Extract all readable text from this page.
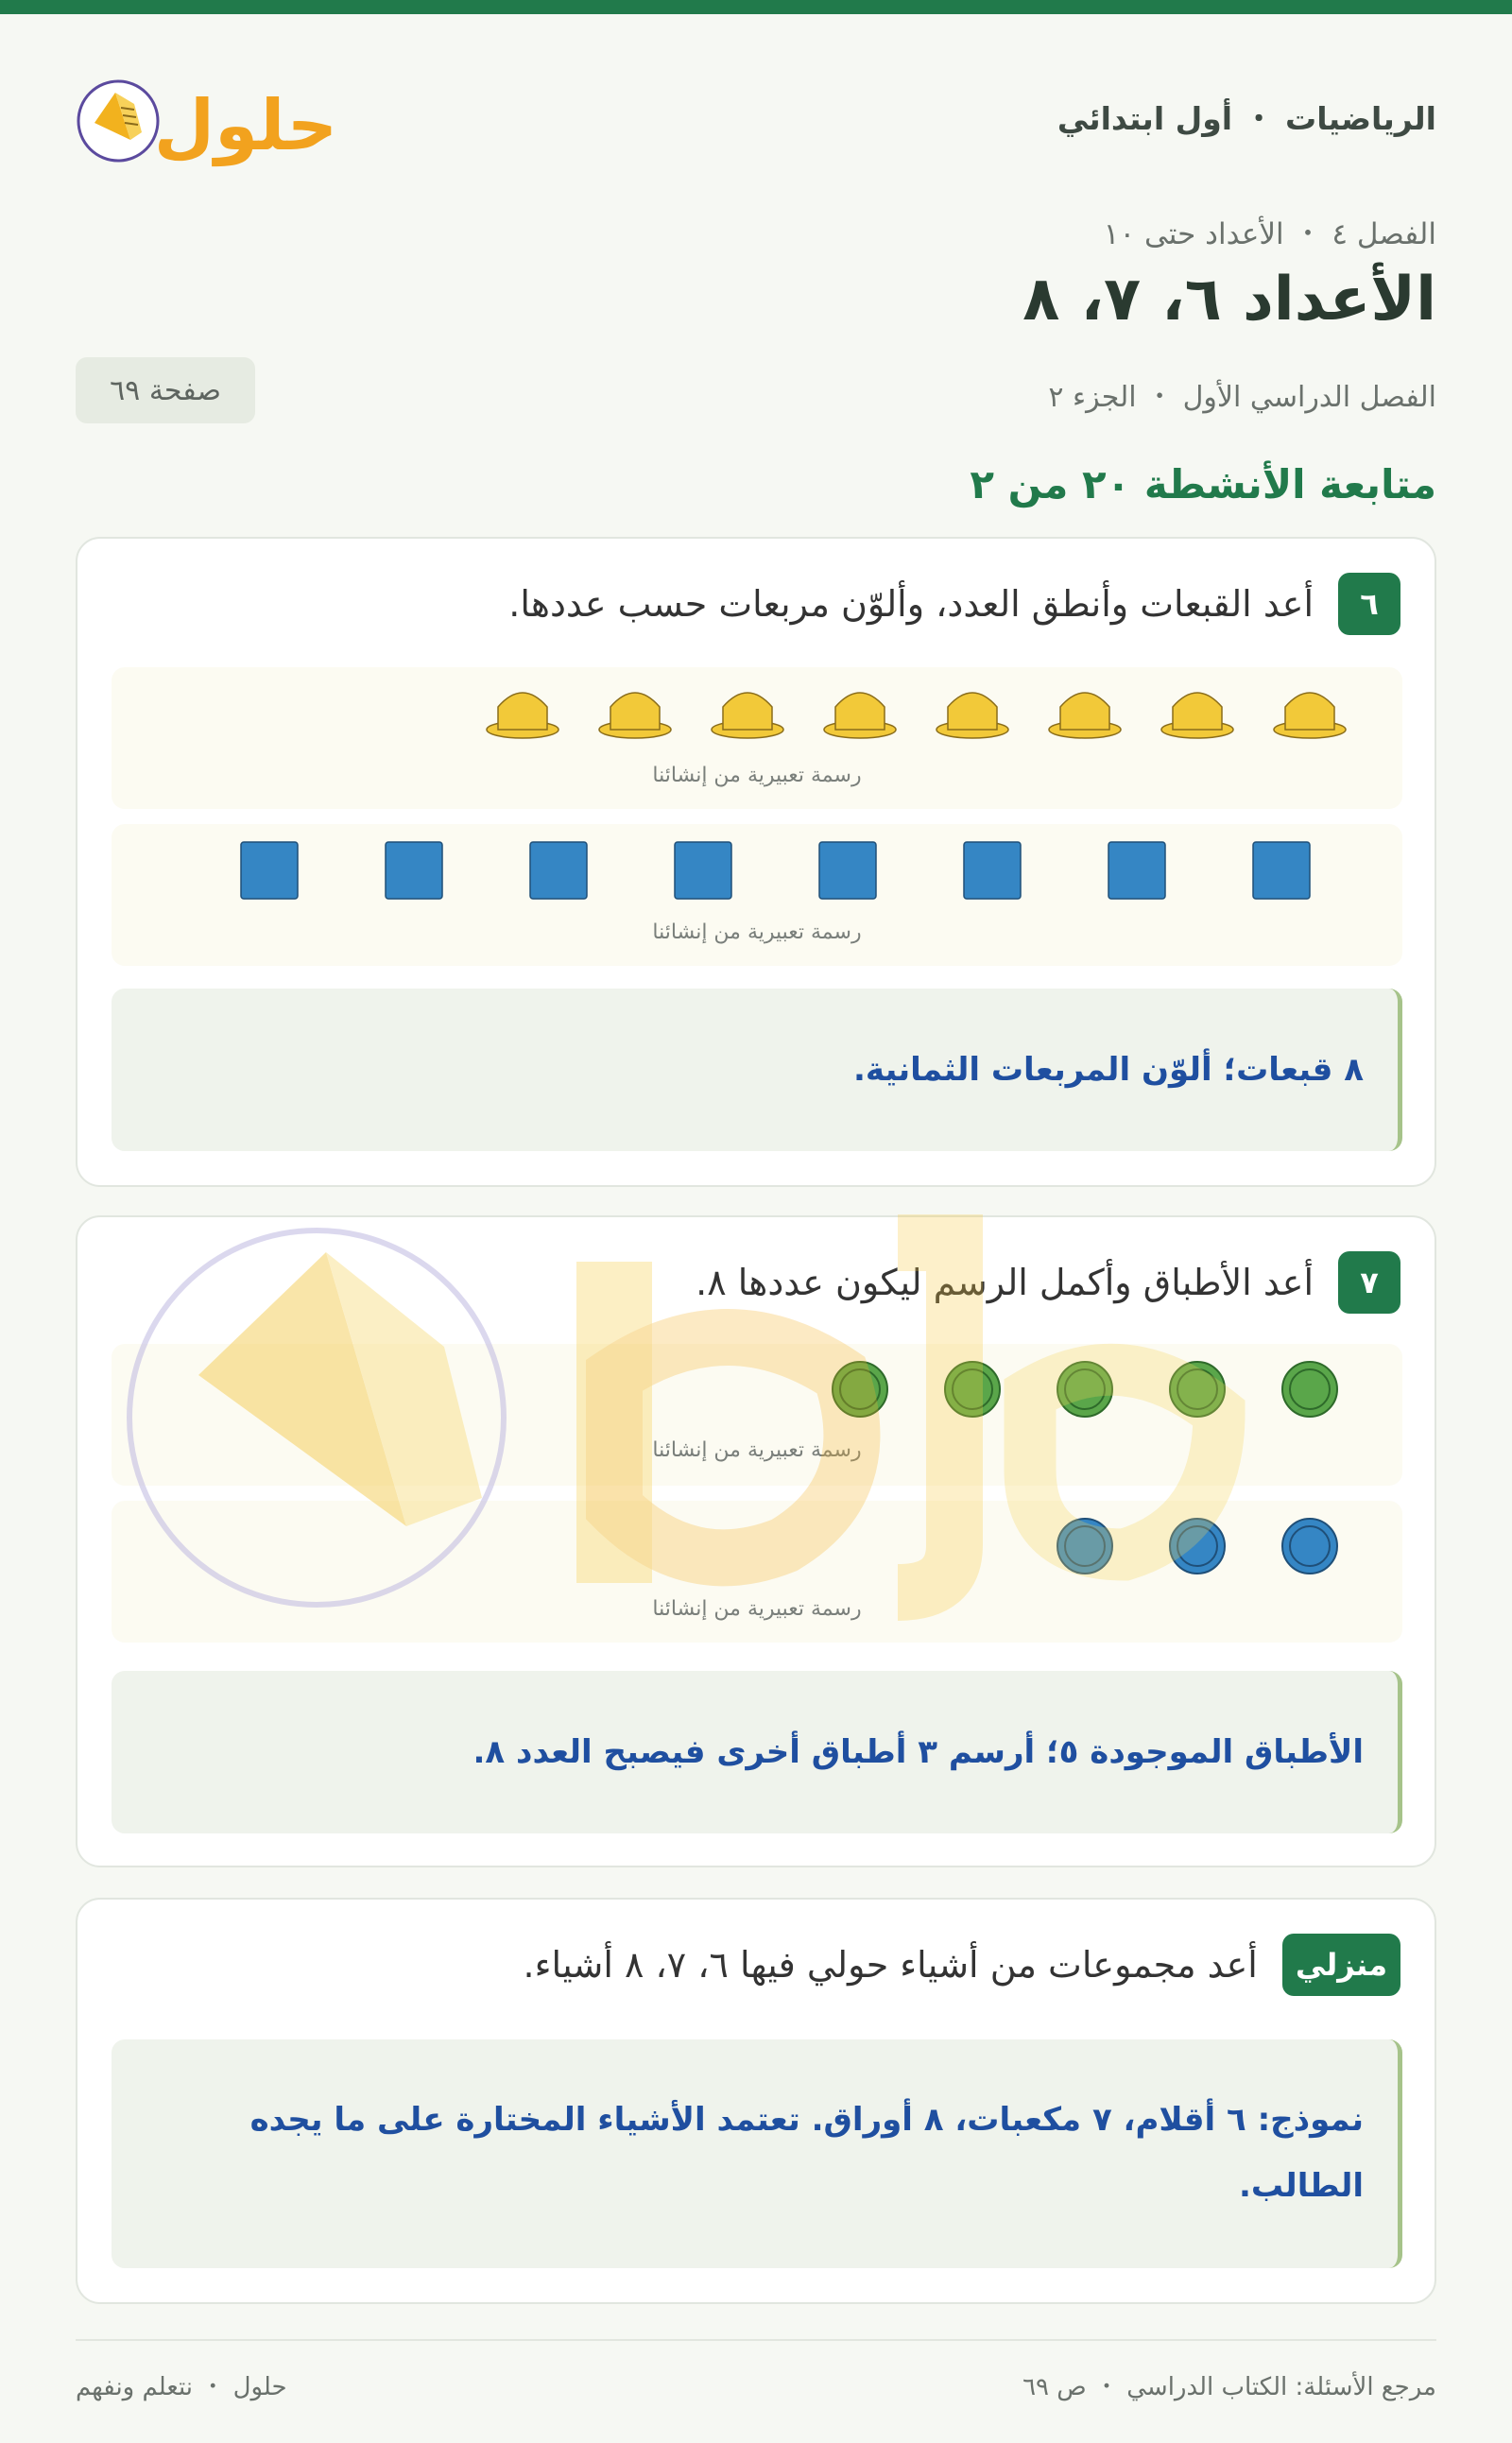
الرياضيات ・ أول ابتدائي
حلول
الفصل ٤ ・ الأعداد حتى ١٠
الأعداد ٦، ٧، ٨
الفصل الدراسي الأول ・ الجزء ٢
صفحة ٦٩
متابعة الأنشطة ٢٠ من ٢
٦
أعد القبعات وأنطق العدد، وألوّن مربعات حسب عددها.
رسمة تعبيرية من إنشائنا
رسمة تعبيرية من إنشائنا
٨ قبعات؛ ألوّن المربعات الثمانية.
٧
أعد الأطباق وأكمل الرسم ليكون عددها ٨.
رسمة تعبيرية من إنشائنا
رسمة تعبيرية من إنشائنا
الأطباق الموجودة ٥؛ أرسم ٣ أطباق أخرى فيصبح العدد ٨.
منزلي
أعد مجموعات من أشياء حولي فيها ٦، ٧، ٨ أشياء.
نموذج: ٦ أقلام، ٧ مكعبات، ٨ أوراق. تعتمد الأشياء المختارة على ما يجده الطالب.
مرجع الأسئلة: الكتاب الدراسي ・ ص ٦٩
حلول ・ نتعلم ونفهم
